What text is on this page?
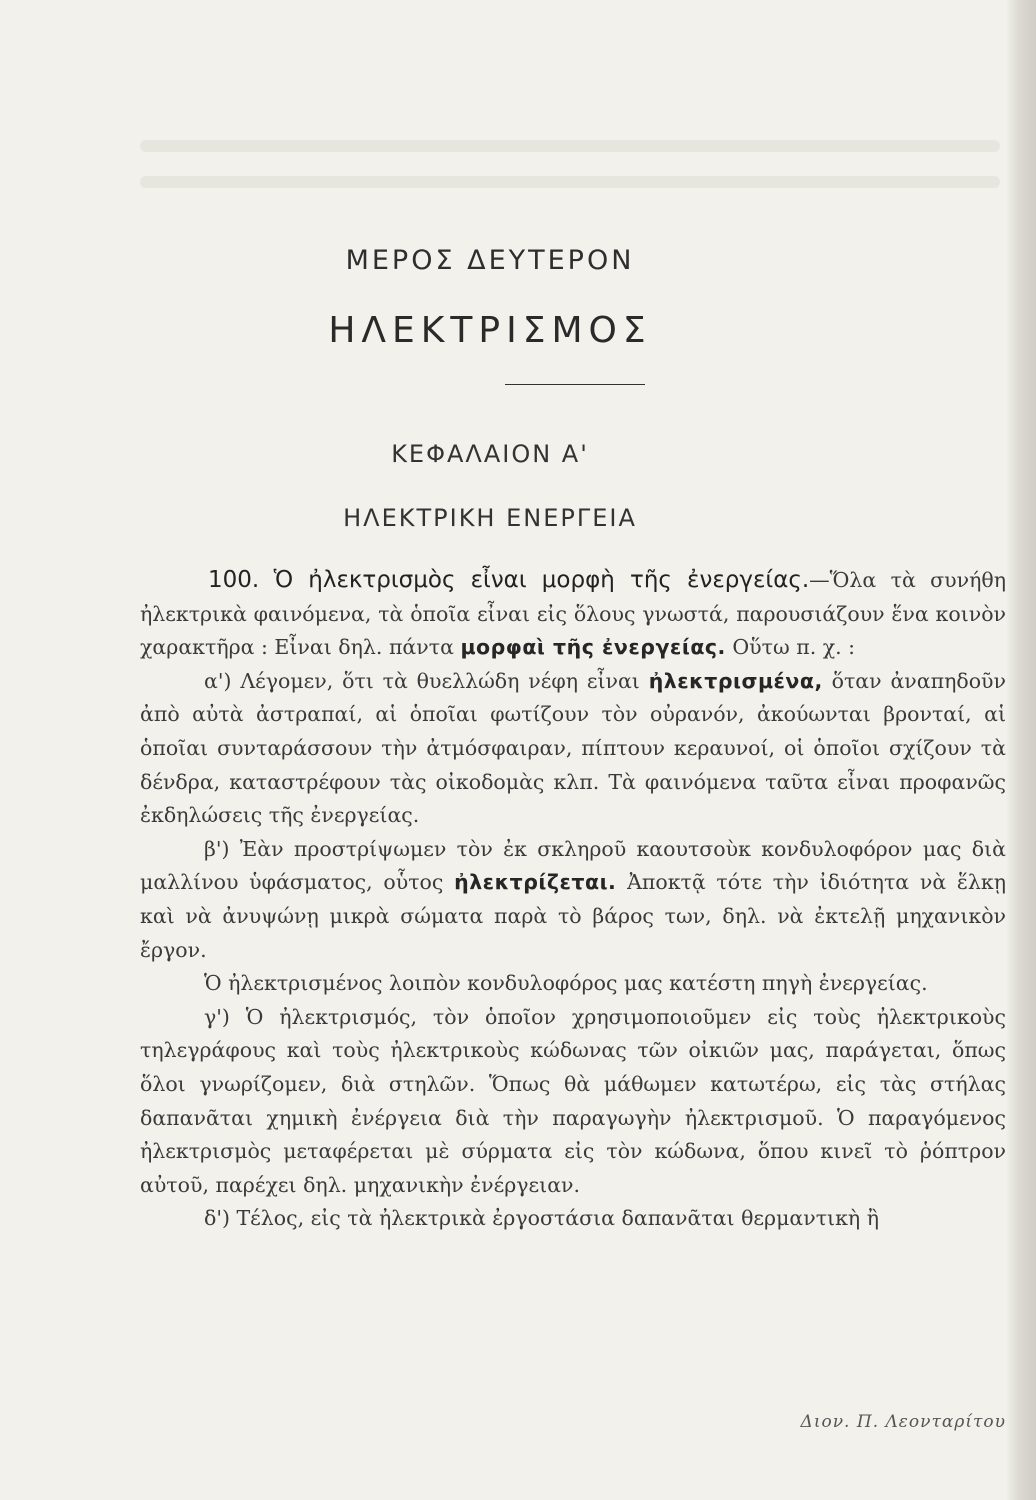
ΜΕΡΟΣ ΔΕΥΤΕΡΟΝ
ΗΛΕΚΤΡΙΣΜΟΣ
ΚΕΦΑΛΑΙΟΝ Α'
ΗΛΕΚΤΡΙΚΗ ΕΝΕΡΓΕΙΑ

100. Ὁ ἠλεκτρισμὸς εἶναι μορφὴ τῆς ἐνεργείας.—Ὅλα τὰ συνήθη ἠλεκτρικὰ φαινόμενα, τὰ ὁποῖα εἶναι εἰς ὅλους γνωστά, παρουσιάζουν ἕνα κοινὸν χαρακτῆρα : Εἶναι δηλ. πάντα μορφαὶ τῆς ἐνεργείας. Οὕτω π. χ. :

α') Λέγομεν, ὅτι τὰ θυελλώδη νέφη εἶναι ἠλεκτρισμένα, ὅταν ἀναπηδοῦν ἀπὸ αὐτὰ ἀστραπαί, αἱ ὁποῖαι φωτίζουν τὸν οὐρανόν, ἀκούωνται βρονταί, αἱ ὁποῖαι συνταράσσουν τὴν ἀτμόσφαιραν, πίπτουν κεραυνοί, οἱ ὁποῖοι σχίζουν τὰ δένδρα, καταστρέφουν τὰς οἰκοδομὰς κλπ. Τὰ φαινόμενα ταῦτα εἶναι προφανῶς ἐκδηλώσεις τῆς ἐνεργείας.

β') Ἐὰν προστρίψωμεν τὸν ἐκ σκληροῦ καουτσοὺκ κονδυλοφόρον μας διὰ μαλλίνου ὑφάσματος, οὗτος ἠλεκτρίζεται. Ἀποκτᾷ τότε τὴν ἰδιότητα νὰ ἕλκῃ καὶ νὰ ἀνυψώνῃ μικρὰ σώματα παρὰ τὸ βάρος των, δηλ. νὰ ἐκτελῇ μηχανικὸν ἔργον.

Ὁ ἠλεκτρισμένος λοιπὸν κονδυλοφόρος μας κατέστη πηγὴ ἐνεργείας.

γ') Ὁ ἠλεκτρισμός, τὸν ὁποῖον χρησιμοποιοῦμεν εἰς τοὺς ἠλεκτρικοὺς τηλεγράφους καὶ τοὺς ἠλεκτρικοὺς κώδωνας τῶν οἰκιῶν μας, παράγεται, ὅπως ὅλοι γνωρίζομεν, διὰ στηλῶν. Ὅπως θὰ μάθωμεν κατωτέρω, εἰς τὰς στήλας δαπανᾶται χημικὴ ἐνέργεια διὰ τὴν παραγωγὴν ἠλεκτρισμοῦ. Ὁ παραγόμενος ἠλεκτρισμὸς μεταφέρεται μὲ σύρματα εἰς τὸν κώδωνα, ὅπου κινεῖ τὸ ῥόπτρον αὐτοῦ, παρέχει δηλ. μηχανικὴν ἐνέργειαν.

δ') Τέλος, εἰς τὰ ἠλεκτρικὰ ἐργοστάσια δαπανᾶται θερμαντικὴ ἢ

Διον. Π. Λεονταρίτου
